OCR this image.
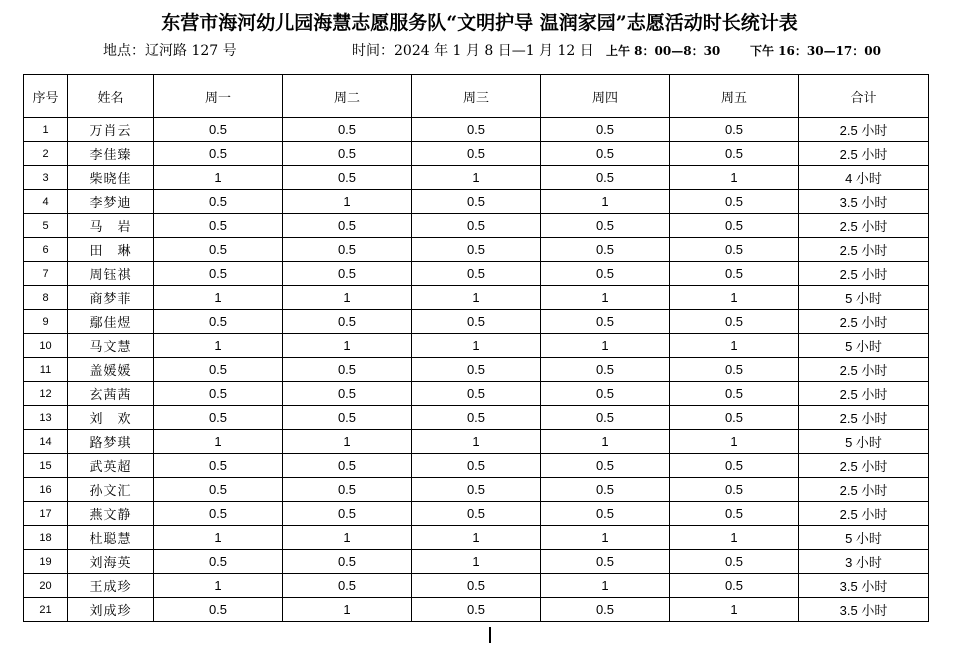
东营市海河幼儿园海慧志愿服务队“文明护导 温润家园”志愿活动时长统计表
地点：辽河路 127 号	时间：2024 年 1 月 8 日—1 月 12 日 上午 8：00—8：30 下午 16：30—17：00
序号	姓名	周一	周二	周三	周四	周五	合计
1	万肖云	0.5	0.5	0.5	0.5	0.5	2.5 小时
2	李佳臻	0.5	0.5	0.5	0.5	0.5	2.5 小时
3	柴晓佳	1	0.5	1	0.5	1	4 小时
4	李梦迪	0.5	1	0.5	1	0.5	3.5 小时
5	马　岩	0.5	0.5	0.5	0.5	0.5	2.5 小时
6	田　琳	0.5	0.5	0.5	0.5	0.5	2.5 小时
7	周钰祺	0.5	0.5	0.5	0.5	0.5	2.5 小时
8	商梦菲	1	1	1	1	1	5 小时
9	鄢佳煜	0.5	0.5	0.5	0.5	0.5	2.5 小时
10	马文慧	1	1	1	1	1	5 小时
11	盖媛媛	0.5	0.5	0.5	0.5	0.5	2.5 小时
12	玄茜茜	0.5	0.5	0.5	0.5	0.5	2.5 小时
13	刘　欢	0.5	0.5	0.5	0.5	0.5	2.5 小时
14	路梦琪	1	1	1	1	1	5 小时
15	武英超	0.5	0.5	0.5	0.5	0.5	2.5 小时
16	孙文汇	0.5	0.5	0.5	0.5	0.5	2.5 小时
17	燕文静	0.5	0.5	0.5	0.5	0.5	2.5 小时
18	杜聪慧	1	1	1	1	1	5 小时
19	刘海英	0.5	0.5	1	0.5	0.5	3 小时
20	王成珍	1	0.5	0.5	1	0.5	3.5 小时
21	刘成珍	0.5	1	0.5	0.5	1	3.5 小时
